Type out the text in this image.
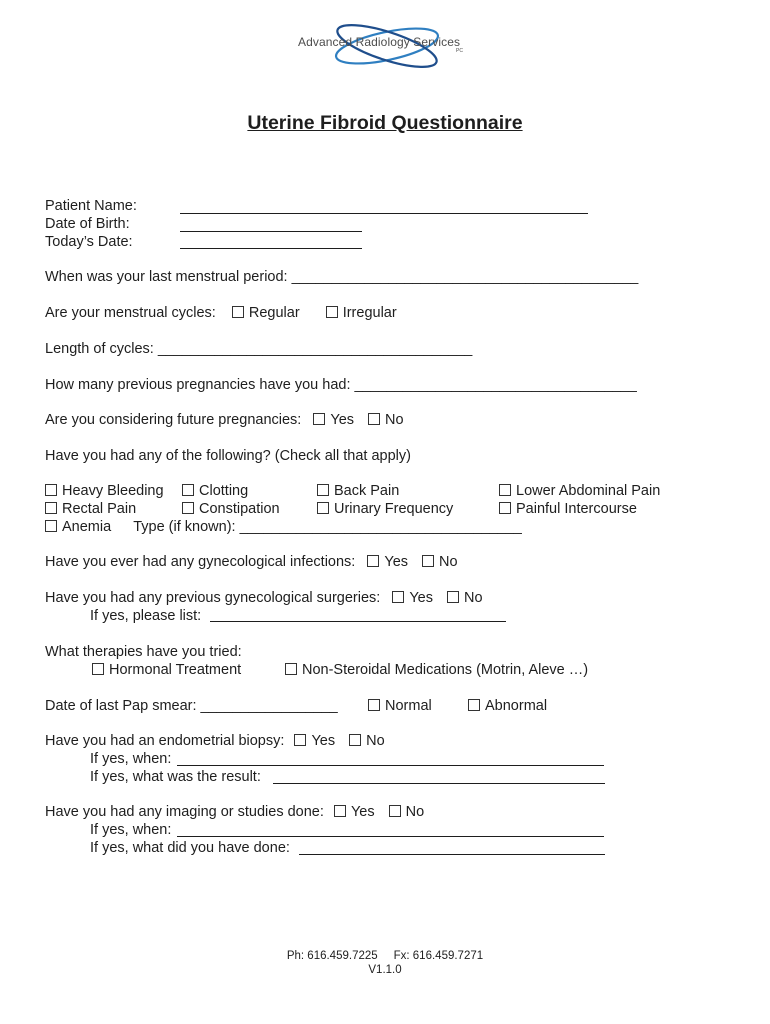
Advanced Radiology Services
PC
Uterine Fibroid Questionnaire
Patient Name:
Date of Birth:
Today’s Date:
When was your last menstrual period: ___________________________________________
Are your menstrual cycles: Regular	Irregular
Length of cycles: _______________________________________
How many previous pregnancies have you had: ___________________________________
Are you considering future pregnancies: Yes No
Have you had any of the following? (Check all that apply)
Heavy Bleeding	Clotting	Back Pain	Lower Abdominal Pain
Rectal Pain	Constipation	Urinary Frequency	Painful Intercourse
Anemia Type (if known): ___________________________________
Have you ever had any gynecological infections: Yes No
Have you had any previous gynecological surgeries: Yes No
If yes, please list:
What therapies have you tried:
Hormonal Treatment	Non-Steroidal Medications (Motrin, Aleve …)
Date of last Pap smear: _________________	Normal	Abnormal
Have you had an endometrial biopsy: Yes No
If yes, when:
If yes, what was the result:
Have you had any imaging or studies done: Yes No
If yes, when:
If yes, what did you have done:
Ph: 616.459.7225     Fx: 616.459.7271
V1.1.0
